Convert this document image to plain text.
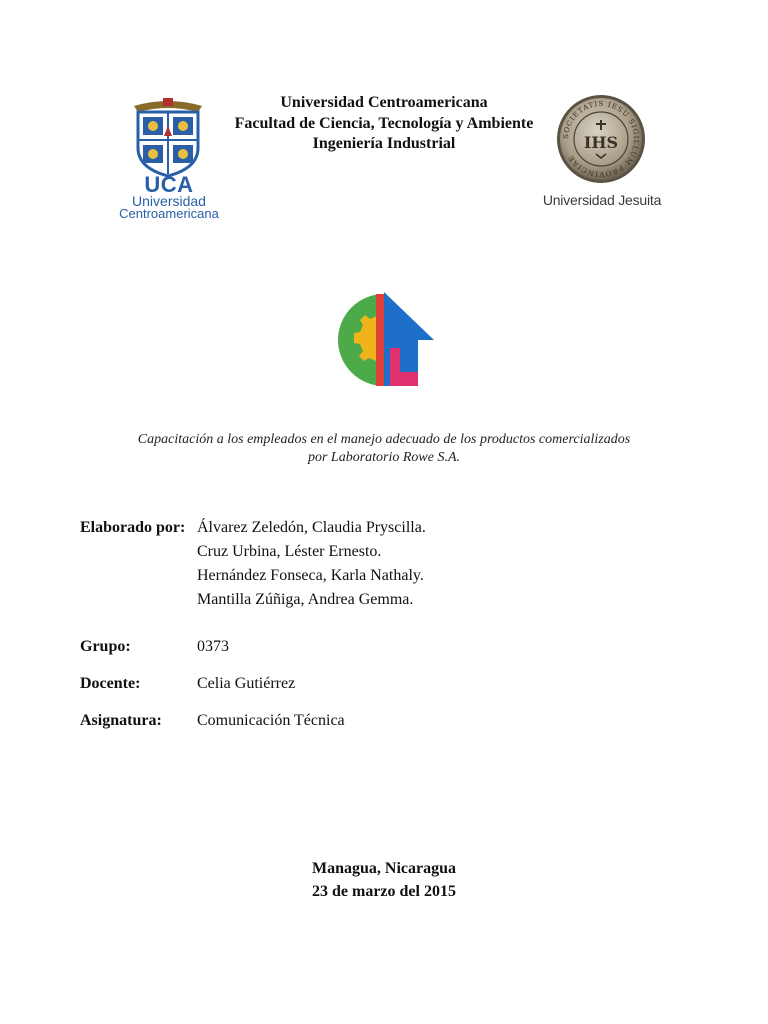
Universidad Centroamericana
Facultad de Ciencia, Tecnología y Ambiente
Ingeniería Industrial
UCA
Universidad
Centroamericana
SOCIETATIS IESU SIGILLUM PROVINCIAE
IHS
Universidad Jesuita
Capacitación a los empleados en el manejo adecuado de los productos comercializados
por Laboratorio Rowe S.A.
Elaborado por: Álvarez Zeledón, Claudia Pryscilla.
Cruz Urbina, Léster Ernesto.
Hernández Fonseca, Karla Nathaly.
Mantilla Zúñiga, Andrea Gemma.
Grupo:	0373
Docente:	Celia Gutiérrez
Asignatura: Comunicación Técnica
Managua, Nicaragua
23 de marzo del 2015
